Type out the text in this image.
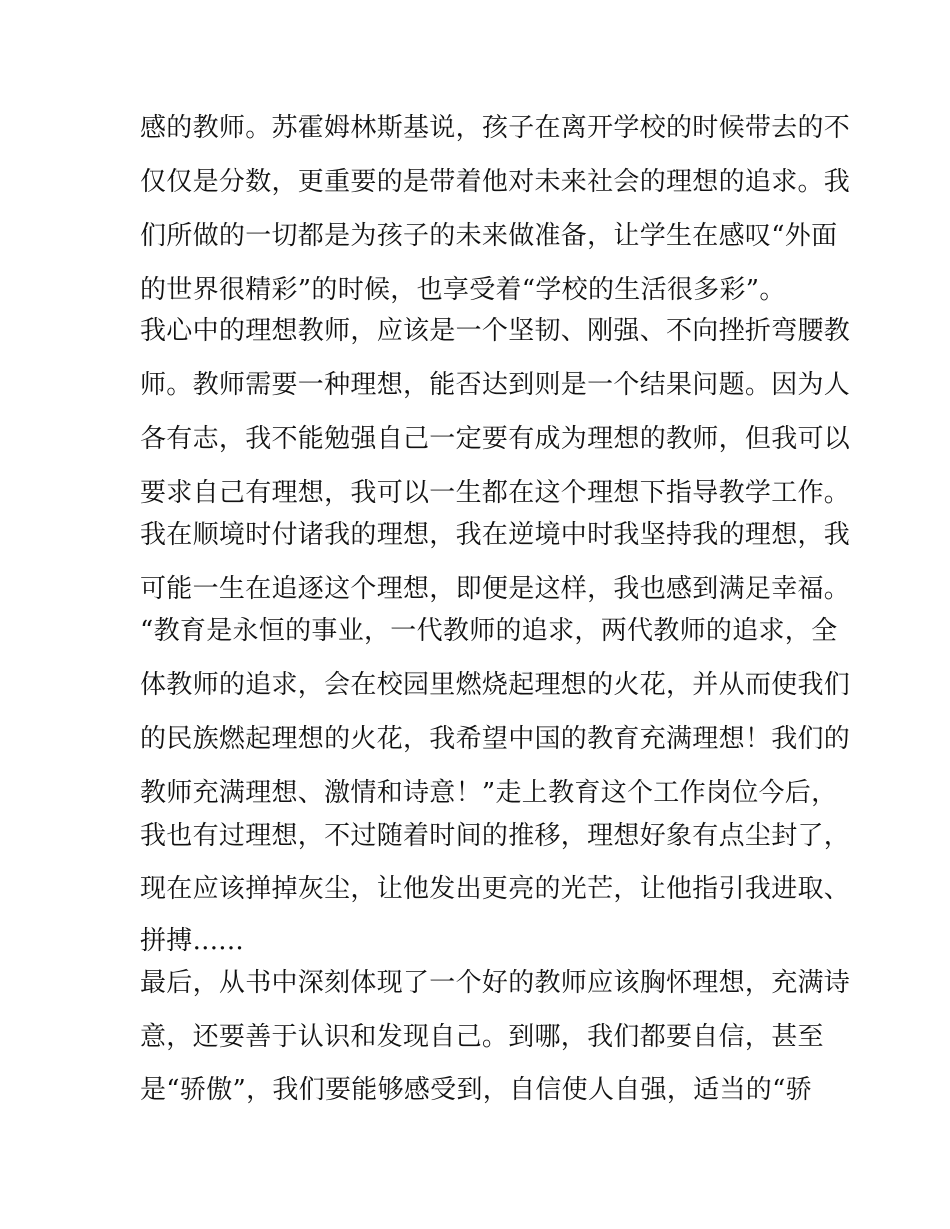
感的教师。苏霍姆林斯基说，孩子在离开学校的时候带去的不
仅仅是分数，更重要的是带着他对未来社会的理想的追求。我
们所做的一切都是为孩子的未来做准备，让学生在感叹“外面
的世界很精彩”的时候，也享受着“学校的生活很多彩”。
我心中的理想教师，应该是一个坚韧、刚强、不向挫折弯腰教
师。教师需要一种理想，能否达到则是一个结果问题。因为人
各有志，我不能勉强自己一定要有成为理想的教师，但我可以
要求自己有理想，我可以一生都在这个理想下指导教学工作。
我在顺境时付诸我的理想，我在逆境中时我坚持我的理想，我
可能一生在追逐这个理想，即便是这样，我也感到满足幸福。
“教育是永恒的事业，一代教师的追求，两代教师的追求，全
体教师的追求，会在校园里燃烧起理想的火花，并从而使我们
的民族燃起理想的火花，我希望中国的教育充满理想！我们的
教师充满理想、激情和诗意！”走上教育这个工作岗位今后，
我也有过理想，不过随着时间的推移，理想好象有点尘封了，
现在应该掸掉灰尘，让他发出更亮的光芒，让他指引我进取、
拼搏......
最后，从书中深刻体现了一个好的教师应该胸怀理想，充满诗
意，还要善于认识和发现自己。到哪，我们都要自信，甚至
是“骄傲”，我们要能够感受到，自信使人自强，适当的“骄
